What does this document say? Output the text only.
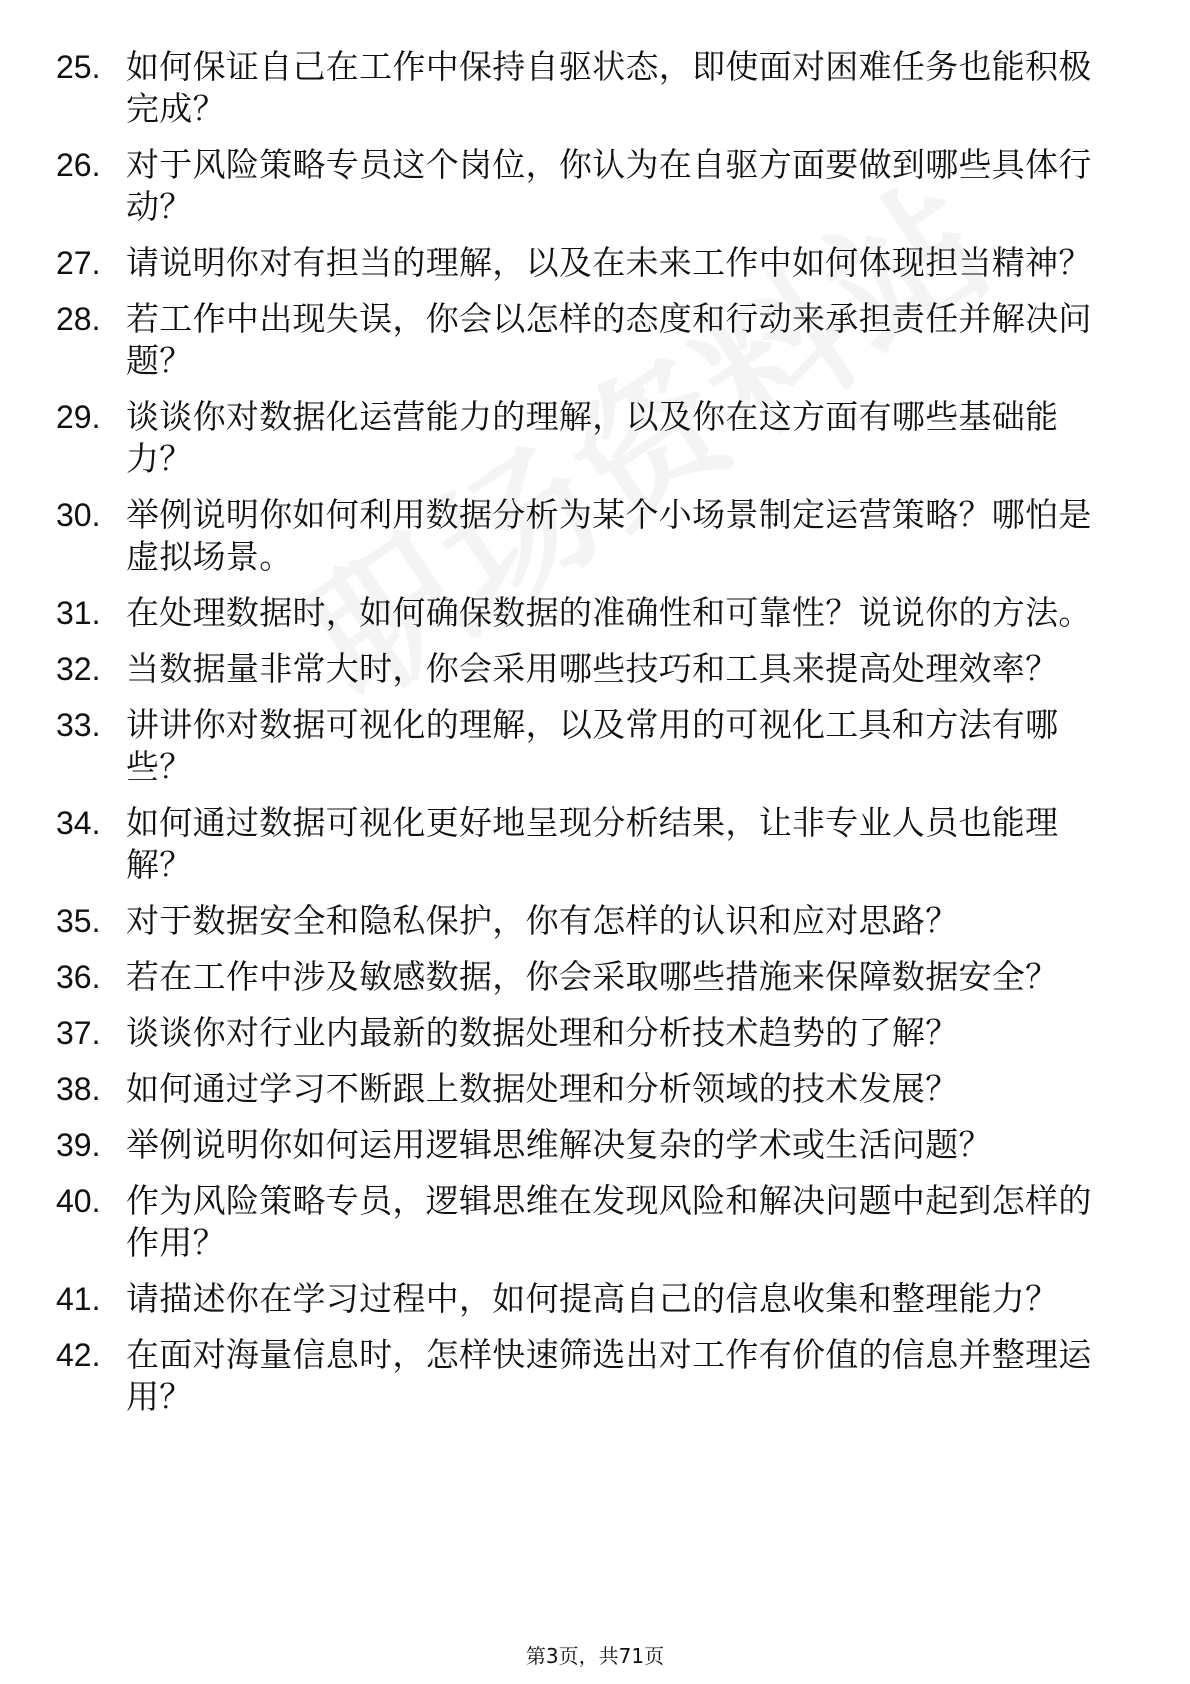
25. 如何保证自己在工作中保持自驱状态，即使面对困难任务也能积极完成？
26. 对于风险策略专员这个岗位，你认为在自驱方面要做到哪些具体行动？
27. 请说明你对有担当的理解，以及在未来工作中如何体现担当精神？
28. 若工作中出现失误，你会以怎样的态度和行动来承担责任并解决问题？
29. 谈谈你对数据化运营能力的理解，以及你在这方面有哪些基础能力？
30. 举例说明你如何利用数据分析为某个小场景制定运营策略？哪怕是虚拟场景。
31. 在处理数据时，如何确保数据的准确性和可靠性？说说你的方法。
32. 当数据量非常大时，你会采用哪些技巧和工具来提高处理效率？
33. 讲讲你对数据可视化的理解，以及常用的可视化工具和方法有哪些？
34. 如何通过数据可视化更好地呈现分析结果，让非专业人员也能理解？
35. 对于数据安全和隐私保护，你有怎样的认识和应对思路？
36. 若在工作中涉及敏感数据，你会采取哪些措施来保障数据安全？
37. 谈谈你对行业内最新的数据处理和分析技术趋势的了解？
38. 如何通过学习不断跟上数据处理和分析领域的技术发展？
39. 举例说明你如何运用逻辑思维解决复杂的学术或生活问题？
40. 作为风险策略专员，逻辑思维在发现风险和解决问题中起到怎样的作用？
41. 请描述你在学习过程中，如何提高自己的信息收集和整理能力？
42. 在面对海量信息时，怎样快速筛选出对工作有价值的信息并整理运用？
第3页，共71页
